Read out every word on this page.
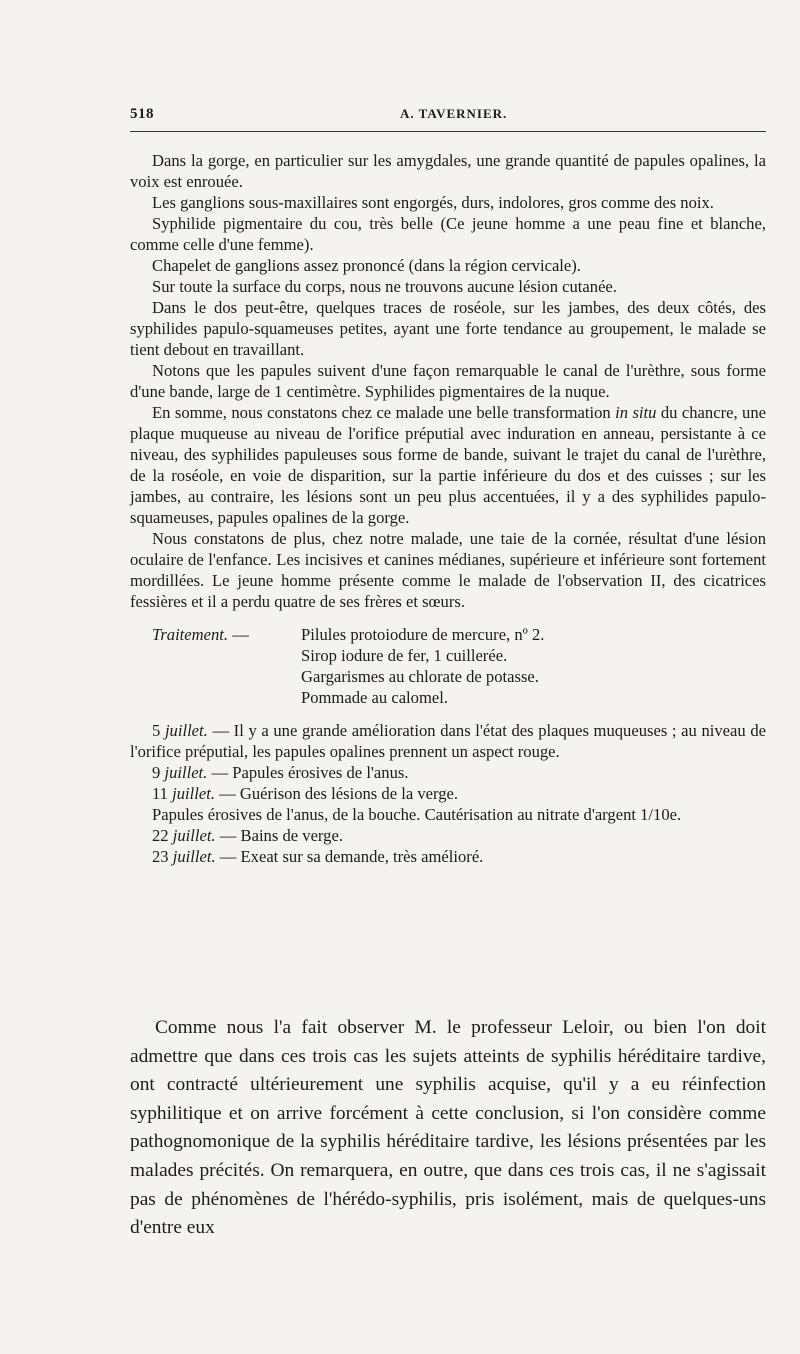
518	A. TAVERNIER.

Dans la gorge, en particulier sur les amygdales, une grande quantité de papules opalines, la voix est enrouée.

Les ganglions sous-maxillaires sont engorgés, durs, indolores, gros comme des noix.

Syphilide pigmentaire du cou, très belle (Ce jeune homme a une peau fine et blanche, comme celle d'une femme).

Chapelet de ganglions assez prononcé (dans la région cervicale).

Sur toute la surface du corps, nous ne trouvons aucune lésion cutanée.

Dans le dos peut-être, quelques traces de roséole, sur les jambes, des deux côtés, des syphilides papulo-squameuses petites, ayant une forte tendance au groupement, le malade se tient debout en travaillant.

Notons que les papules suivent d'une façon remarquable le canal de l'urèthre, sous forme d'une bande, large de 1 centimètre. Syphilides pigmentaires de la nuque.

En somme, nous constatons chez ce malade une belle transformation in situ du chancre, une plaque muqueuse au niveau de l'orifice préputial avec induration en anneau, persistante à ce niveau, des syphilides papuleuses sous forme de bande, suivant le trajet du canal de l'urèthre, de la roséole, en voie de disparition, sur la partie inférieure du dos et des cuisses ; sur les jambes, au contraire, les lésions sont un peu plus accentuées, il y a des syphilides papulo-squameuses, papules opalines de la gorge.

Nous constatons de plus, chez notre malade, une taie de la cornée, résultat d'une lésion oculaire de l'enfance. Les incisives et canines médianes, supérieure et inférieure sont fortement mordillées. Le jeune homme présente comme le malade de l'observation II, des cicatrices fessières et il a perdu quatre de ses frères et sœurs.

Traitement. —	Pilules protoiodure de mercure, nº 2.
Sirop iodure de fer, 1 cuillerée.
Gargarismes au chlorate de potasse.
Pommade au calomel.

5 juillet. — Il y a une grande amélioration dans l'état des plaques muqueuses ; au niveau de l'orifice préputial, les papules opalines prennent un aspect rouge.

9 juillet. — Papules érosives de l'anus.

11 juillet. — Guérison des lésions de la verge.

Papules érosives de l'anus, de la bouche. Cautérisation au nitrate d'argent 1/10e.

22 juillet. — Bains de verge.

23 juillet. — Exeat sur sa demande, très amélioré.

Comme nous l'a fait observer M. le professeur Leloir, ou bien l'on doit admettre que dans ces trois cas les sujets atteints de syphilis héréditaire tardive, ont contracté ultérieurement une syphilis acquise, qu'il y a eu réinfection syphilitique et on arrive forcément à cette conclusion, si l'on considère comme pathognomonique de la syphilis héréditaire tardive, les lésions présentées par les malades précités. On remarquera, en outre, que dans ces trois cas, il ne s'agissait pas de phénomènes de l'hérédo-syphilis, pris isolément, mais de quelques-uns d'entre eux
